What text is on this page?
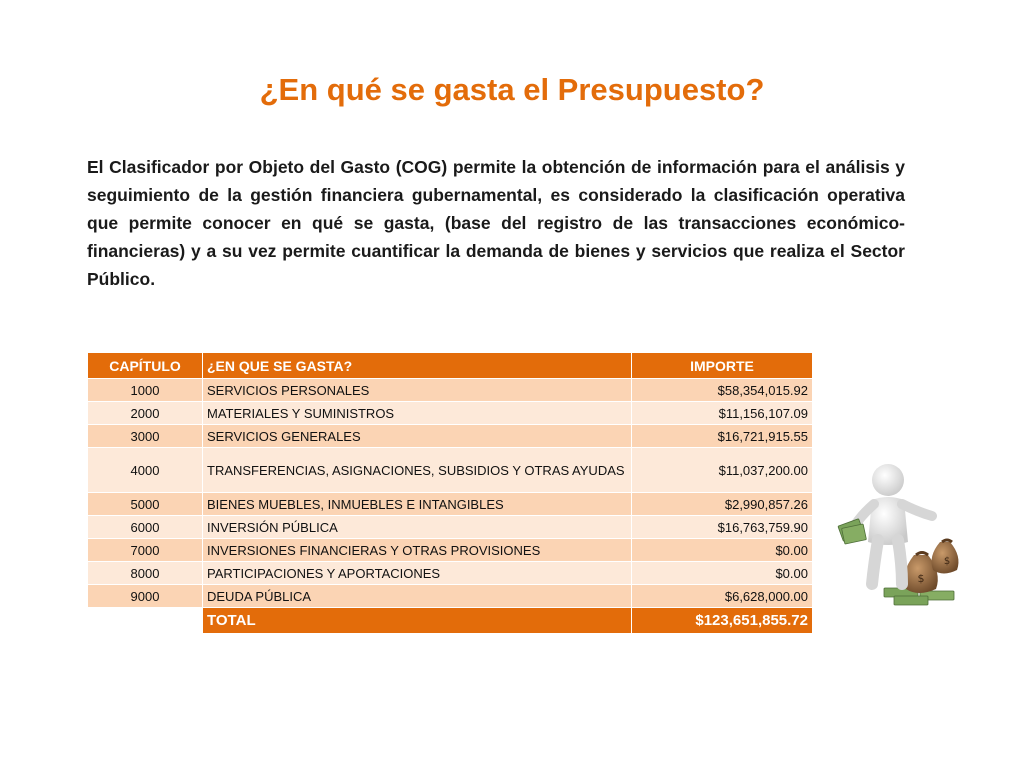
¿En qué se gasta el Presupuesto?

El Clasificador por Objeto del Gasto (COG) permite la obtención de información para el análisis y seguimiento de la gestión financiera gubernamental, es considerado la clasificación operativa que permite conocer en qué se gasta, (base del registro de las transacciones económico-financieras) y a su vez permite cuantificar la demanda de bienes y servicios que realiza el Sector Público.

CAPÍTULO	¿EN QUE SE GASTA?	IMPORTE
1000	SERVICIOS PERSONALES	$58,354,015.92
2000	MATERIALES Y SUMINISTROS	$11,156,107.09
3000	SERVICIOS GENERALES	$16,721,915.55
4000	TRANSFERENCIAS, ASIGNACIONES, SUBSIDIOS Y OTRAS AYUDAS	$11,037,200.00
5000	BIENES MUEBLES, INMUEBLES E INTANGIBLES	$2,990,857.26
6000	INVERSIÓN PÚBLICA	$16,763,759.90
7000	INVERSIONES FINANCIERAS Y OTRAS PROVISIONES	$0.00
8000	PARTICIPACIONES Y APORTACIONES	$0.00
9000	DEUDA PÚBLICA	$6,628,000.00
	TOTAL	$123,651,855.72
$
$
